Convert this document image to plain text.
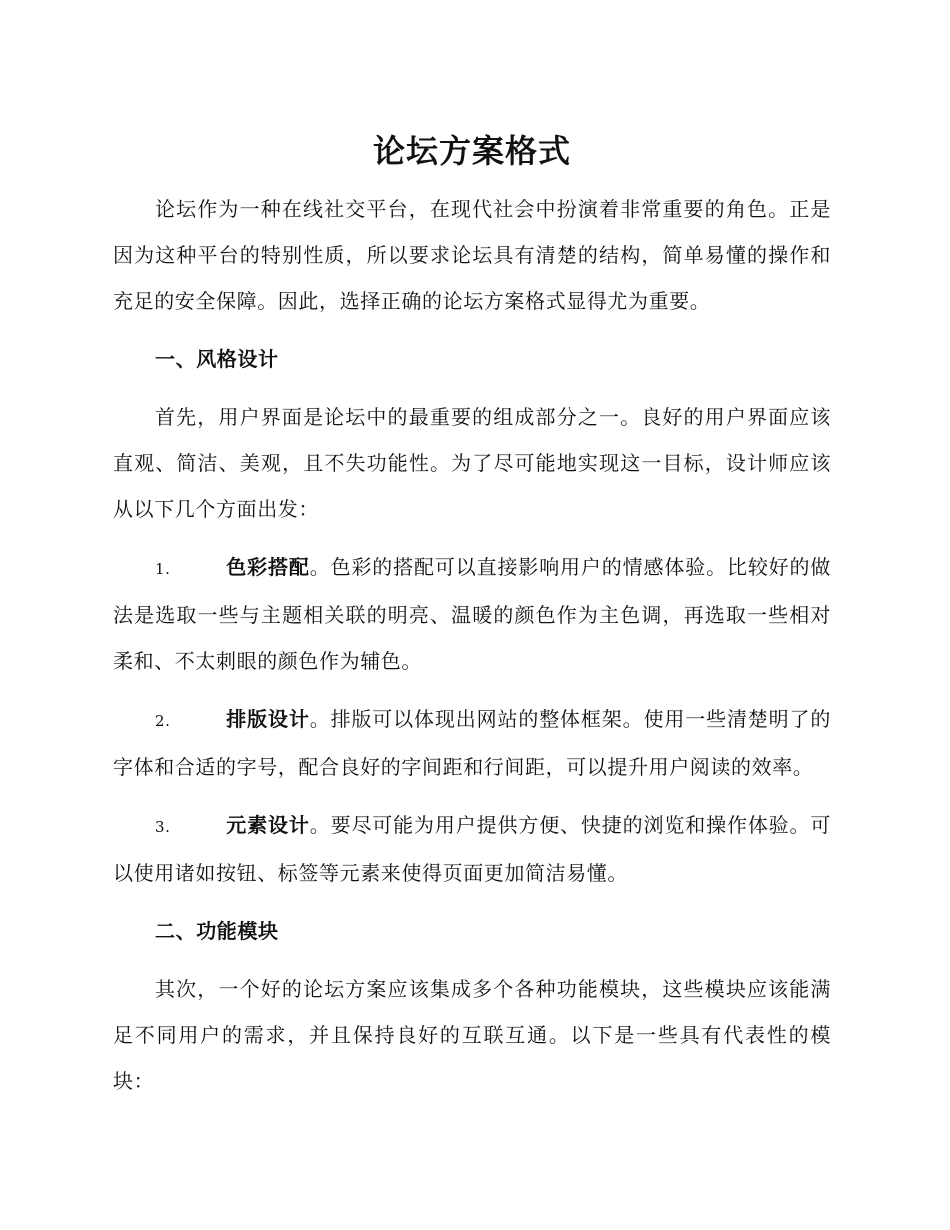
论坛方案格式

论坛作为一种在线社交平台，在现代社会中扮演着非常重要的角色。正是因为这种平台的特别性质，所以要求论坛具有清楚的结构，简单易懂的操作和充足的安全保障。因此，选择正确的论坛方案格式显得尤为重要。

一、风格设计

首先，用户界面是论坛中的最重要的组成部分之一。良好的用户界面应该直观、简洁、美观，且不失功能性。为了尽可能地实现这一目标，设计师应该从以下几个方面出发：

1.	色彩搭配。色彩的搭配可以直接影响用户的情感体验。比较好的做法是选取一些与主题相关联的明亮、温暖的颜色作为主色调，再选取一些相对柔和、不太刺眼的颜色作为辅色。

2.	排版设计。排版可以体现出网站的整体框架。使用一些清楚明了的字体和合适的字号，配合良好的字间距和行间距，可以提升用户阅读的效率。

3.	元素设计。要尽可能为用户提供方便、快捷的浏览和操作体验。可以使用诸如按钮、标签等元素来使得页面更加简洁易懂。

二、功能模块

其次，一个好的论坛方案应该集成多个各种功能模块，这些模块应该能满足不同用户的需求，并且保持良好的互联互通。以下是一些具有代表性的模块：
